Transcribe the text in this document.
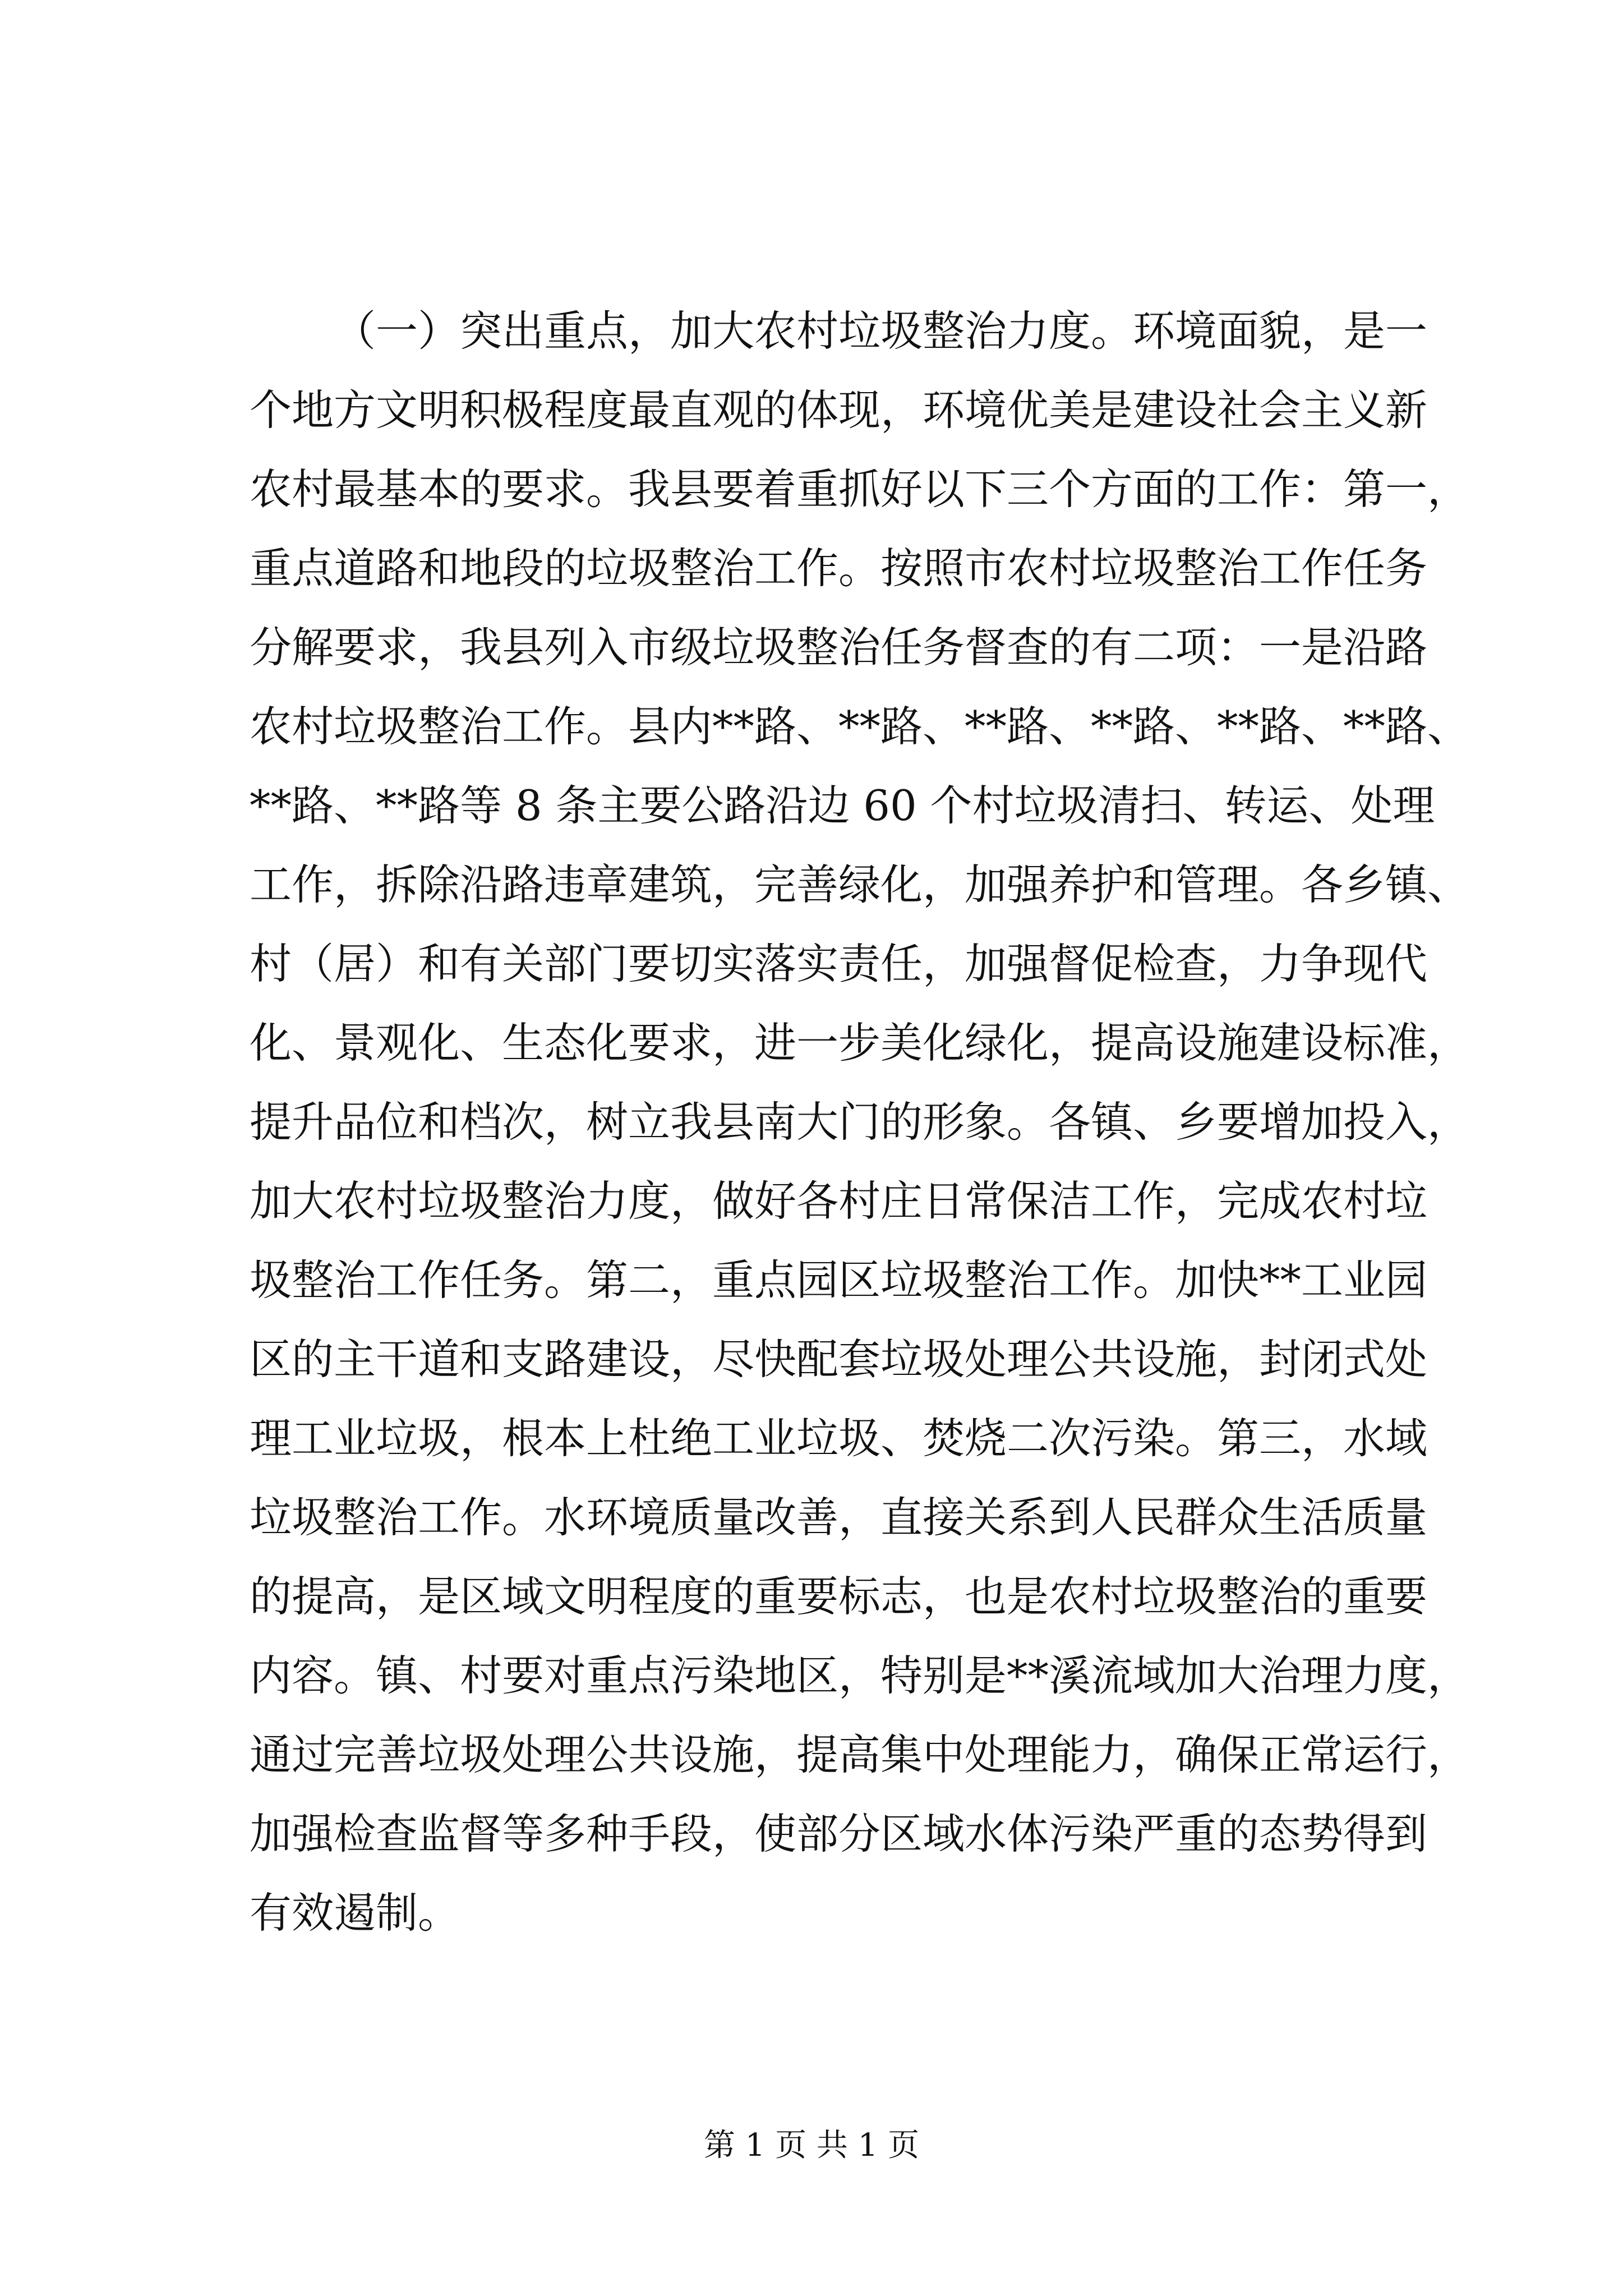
（一）突出重点，加大农村垃圾整治力度。环境面貌，是一
个地方文明积极程度最直观的体现，环境优美是建设社会主义新
农村最基本的要求。我县要着重抓好以下三个方面的工作：第一，
重点道路和地段的垃圾整治工作。按照市农村垃圾整治工作任务
分解要求，我县列入市级垃圾整治任务督查的有二项：一是沿路
农村垃圾整治工作。县内**路、**路、**路、**路、**路、**路、
**路、**路等 8 条主要公路沿边 60 个村垃圾清扫、转运、处理
工作，拆除沿路违章建筑，完善绿化，加强养护和管理。各乡镇、
村（居）和有关部门要切实落实责任，加强督促检查，力争现代
化、景观化、生态化要求，进一步美化绿化，提高设施建设标准，
提升品位和档次，树立我县南大门的形象。各镇、乡要增加投入，
加大农村垃圾整治力度，做好各村庄日常保洁工作，完成农村垃
圾整治工作任务。第二，重点园区垃圾整治工作。加快**工业园
区的主干道和支路建设，尽快配套垃圾处理公共设施，封闭式处
理工业垃圾，根本上杜绝工业垃圾、焚烧二次污染。第三，水域
垃圾整治工作。水环境质量改善，直接关系到人民群众生活质量
的提高，是区域文明程度的重要标志，也是农村垃圾整治的重要
内容。镇、村要对重点污染地区，特别是**溪流域加大治理力度，
通过完善垃圾处理公共设施，提高集中处理能力，确保正常运行，
加强检查监督等多种手段，使部分区域水体污染严重的态势得到
有效遏制。
第 1 页 共 1 页
